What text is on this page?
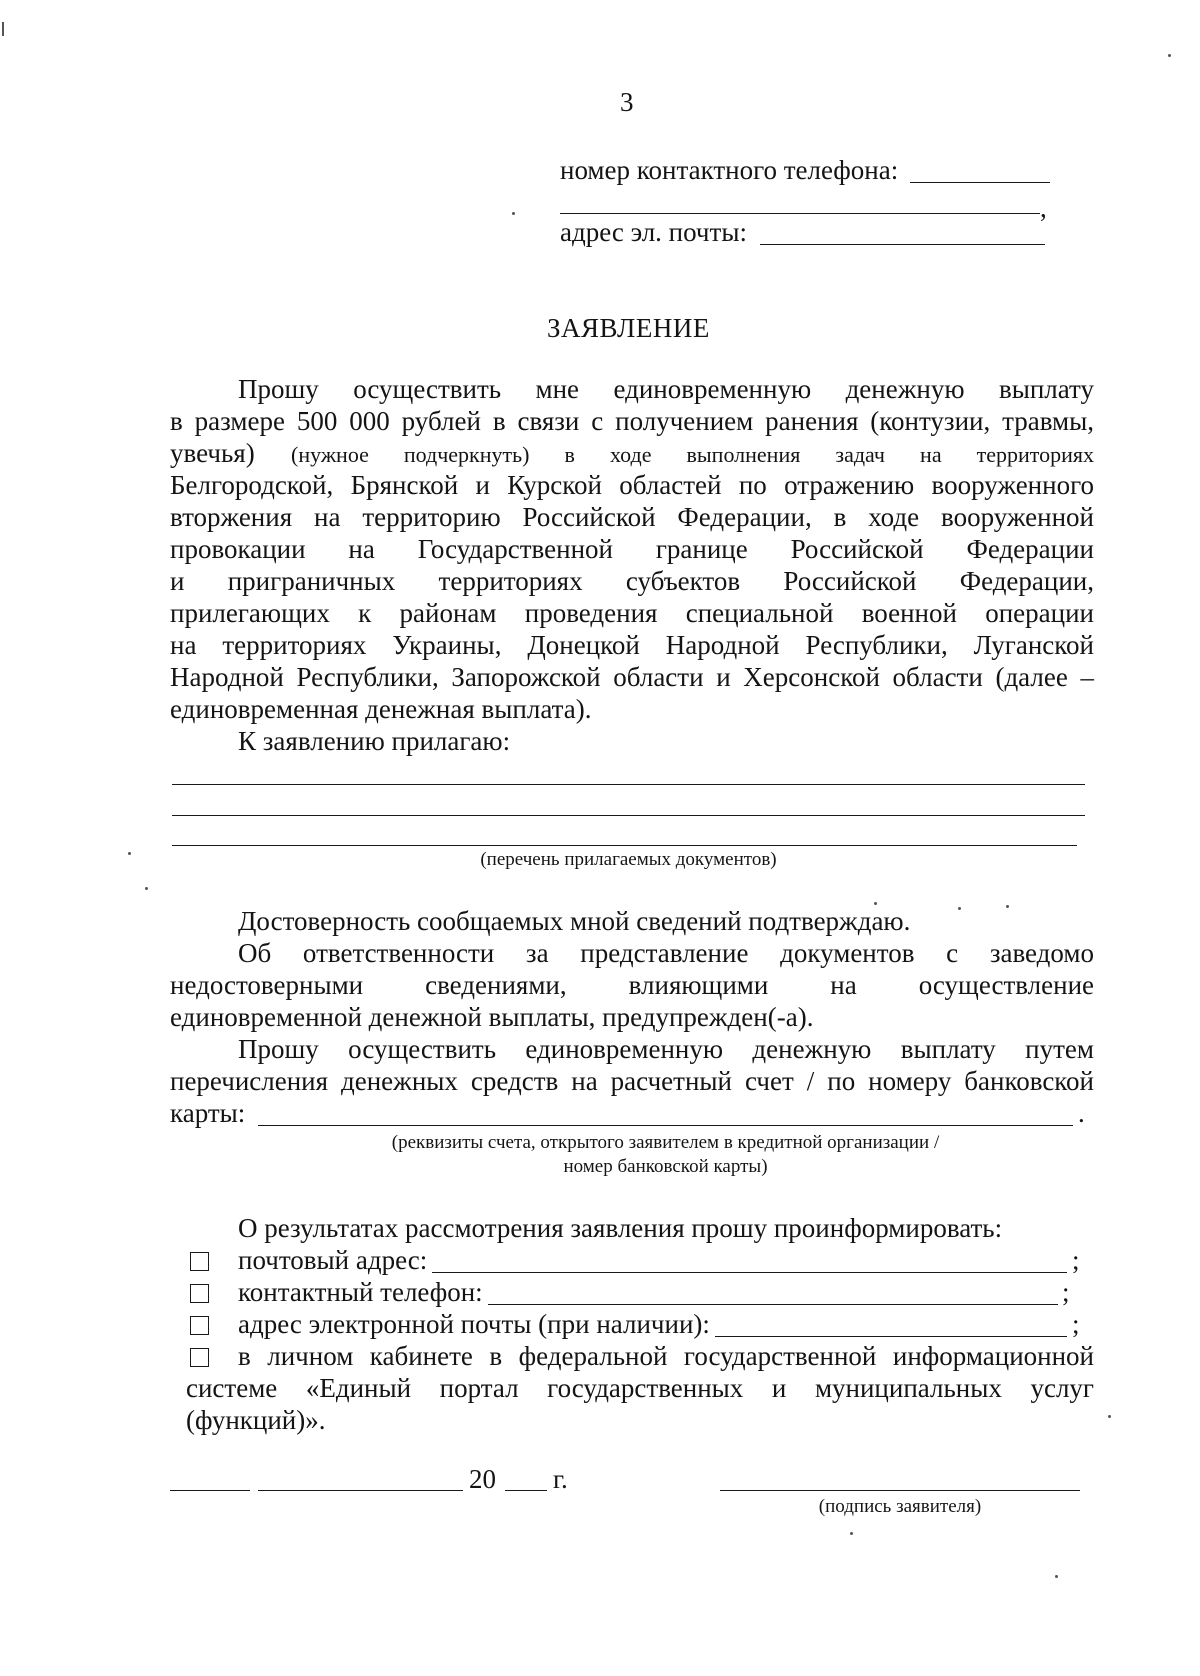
3
номер контактного телефона:
,
адрес эл. почты:
ЗАЯВЛЕНИЕ
Прошу осуществить мне единовременную денежную выплату
в размере 500 000 рублей в связи с получением ранения (контузии, травмы,
увечья) (нужное подчеркнуть) в ходе выполнения задач на территориях
Белгородской, Брянской и Курской областей по отражению вооруженного
вторжения на территорию Российской Федерации, в ходе вооруженной
провокации на Государственной границе Российской Федерации
и приграничных территориях субъектов Российской Федерации,
прилегающих к районам проведения специальной военной операции
на территориях Украины, Донецкой Народной Республики, Луганской
Народной Республики, Запорожской области и Херсонской области (далее –
единовременная денежная выплата).
К заявлению прилагаю:
(перечень прилагаемых документов)
Достоверность сообщаемых мной сведений подтверждаю.
Об ответственности за представление документов с заведомо
недостоверными сведениями, влияющими на осуществление
единовременной денежной выплаты, предупрежден(-а).
Прошу осуществить единовременную денежную выплату путем
перечисления денежных средств на расчетный счет / по номеру банковской
карты:	.
(реквизиты счета, открытого заявителем в кредитной организации /
номер банковской карты)
О результатах рассмотрения заявления прошу проинформировать:
почтовый адрес:	;
контактный телефон:	;
адрес электронной почты (при наличии):	;
в личном кабинете в федеральной государственной информационной
системе «Единый портал государственных и муниципальных услуг
(функций)».
20 г.
(подпись заявителя)
